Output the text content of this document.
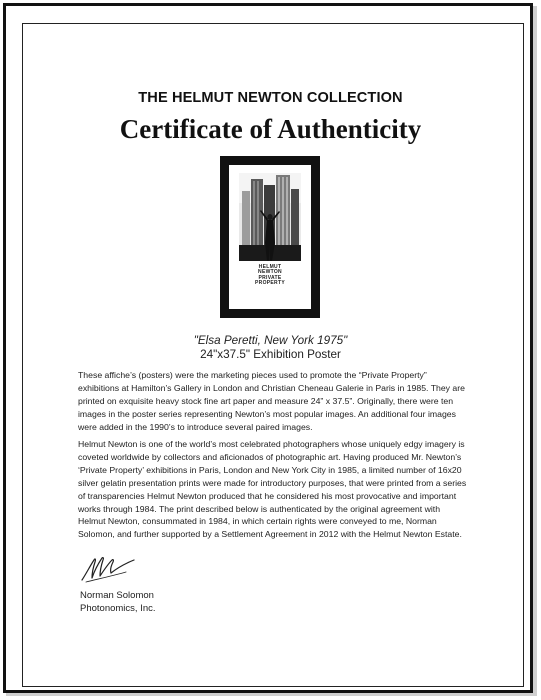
THE HELMUT NEWTON COLLECTION
Certificate of Authenticity
HELMUT
NEWTON
PRIVATE
PROPERTY
"Elsa Peretti, New York 1975"
24"x37.5" Exhibition Poster
These affiche’s (posters) were the marketing pieces used to promote the “Private Property” exhibitions at Hamilton’s Gallery in London and Christian Cheneau Galerie in Paris in 1985. They are printed on exquisite heavy stock fine art paper and measure 24” x 37.5”. Originally, there were ten images in the poster series representing Newton’s most popular images. An additional four images were added in the 1990’s to introduce several paired images.
Helmut Newton is one of the world’s most celebrated photographers whose uniquely edgy imagery is coveted worldwide by collectors and aficionados of photographic art. Having produced Mr. Newton’s ‘Private Property’ exhibitions in Paris, London and New York City in 1985, a limited number of 16x20 silver gelatin presentation prints were made for introductory purposes, that were printed from a series of transparencies Helmut Newton produced that he considered his most provocative and important works through 1984. The print described below is authenticated by the original agreement with Helmut Newton, consummated in 1984, in which certain rights were conveyed to me, Norman Solomon, and further supported by a Settlement Agreement in 2012 with the Helmut Newton Estate.
Norman Solomon
Photonomics, Inc.
